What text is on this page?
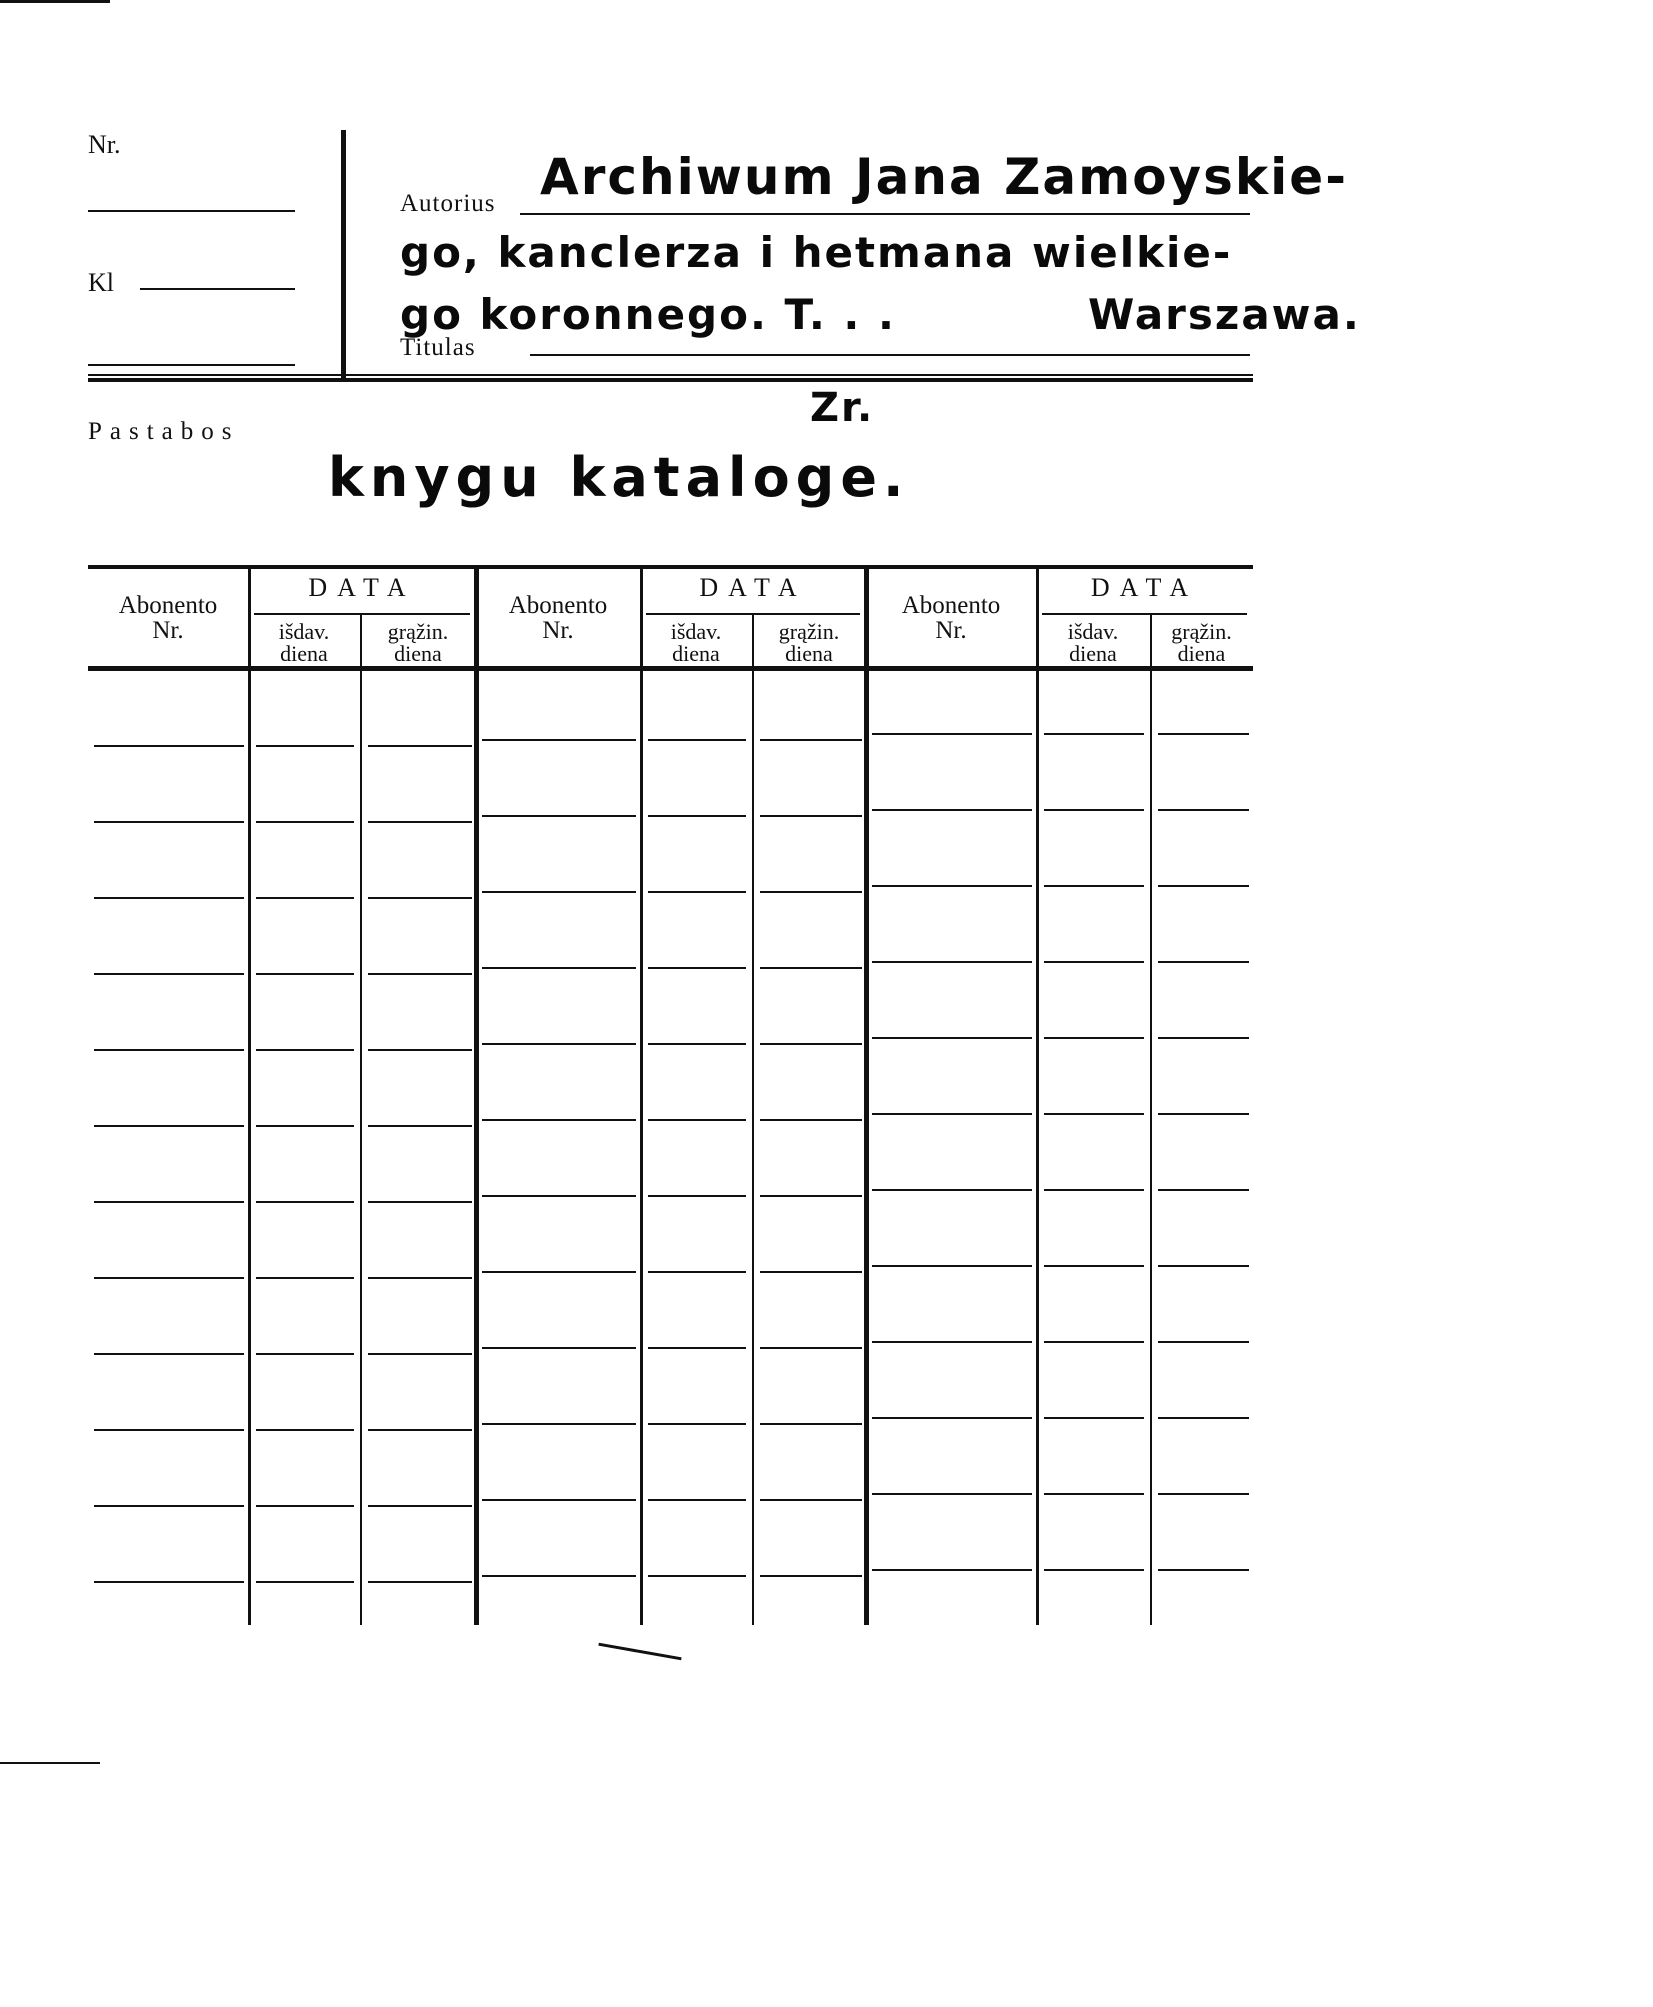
Nr.
Kl
Autorius Archiwum Jana Zamoyskie-
go, kanclerza i hetmana wielkie-
go koronnego. T. . .	Warszawa.
Titulas
Zr.
Pastabos
knygu kataloge.
Abonento
Nr.
DATA
išdav.
diena
grąžin.
diena
Abonento
Nr.
DATA
išdav.
diena
grąžin.
diena
Abonento
Nr.
DATA
išdav.
diena
grąžin.
diena
